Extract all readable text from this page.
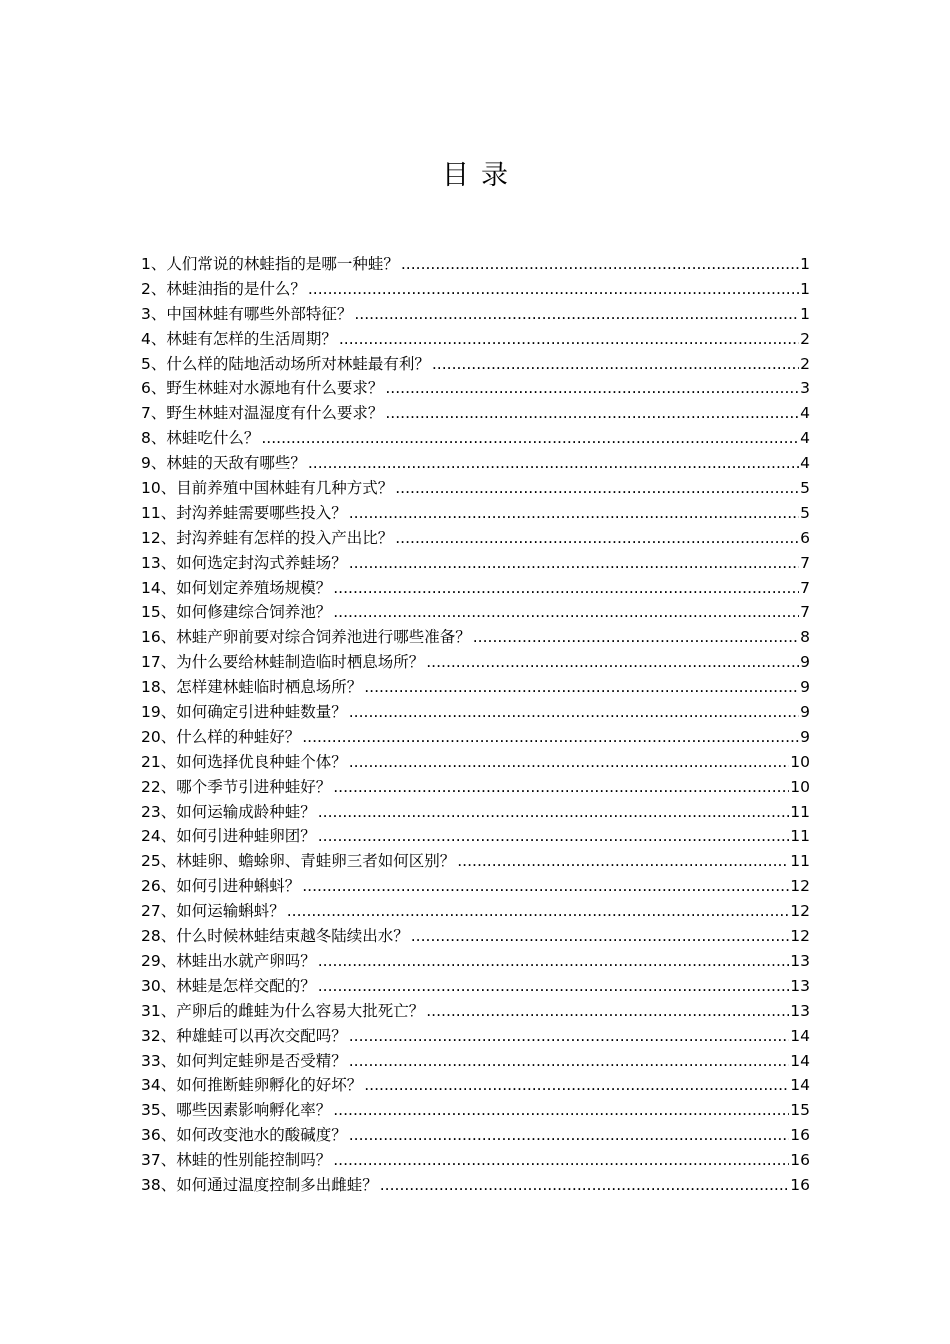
目录
1、人们常说的林蛙指的是哪一种蛙？ .....	1
2、林蛙油指的是什么？ .....	1
3、中国林蛙有哪些外部特征？ .....	1
4、林蛙有怎样的生活周期？ .....	2
5、什么样的陆地活动场所对林蛙最有利？ .....	2
6、野生林蛙对水源地有什么要求？ .....	3
7、野生林蛙对温湿度有什么要求？ .....	4
8、林蛙吃什么？ .....	4
9、林蛙的天敌有哪些？ .....	4
10、目前养殖中国林蛙有几种方式？ .....	5
11、封沟养蛙需要哪些投入？ .....	5
12、封沟养蛙有怎样的投入产出比？ .....	6
13、如何选定封沟式养蛙场？ .....	7
14、如何划定养殖场规模？ .....	7
15、如何修建综合饲养池？ .....	7
16、林蛙产卵前要对综合饲养池进行哪些准备？ .....	8
17、为什么要给林蛙制造临时栖息场所？ .....	9
18、怎样建林蛙临时栖息场所？ .....	9
19、如何确定引进种蛙数量？ .....	9
20、什么样的种蛙好？ .....	9
21、如何选择优良种蛙个体？ .....	10
22、哪个季节引进种蛙好？ .....	10
23、如何运输成龄种蛙？ .....	11
24、如何引进种蛙卵团？ .....	11
25、林蛙卵、蟾蜍卵、青蛙卵三者如何区别？ .....	11
26、如何引进种蝌蚪？ .....	12
27、如何运输蝌蚪？ .....	12
28、什么时候林蛙结束越冬陆续出水？ .....	12
29、林蛙出水就产卵吗？ .....	13
30、林蛙是怎样交配的？ .....	13
31、产卵后的雌蛙为什么容易大批死亡？ .....	13
32、种雄蛙可以再次交配吗？ .....	14
33、如何判定蛙卵是否受精？ .....	14
34、如何推断蛙卵孵化的好坏？ .....	14
35、哪些因素影响孵化率？ .....	15
36、如何改变池水的酸碱度？ .....	16
37、林蛙的性别能控制吗？ .....	16
38、如何通过温度控制多出雌蛙？ .....	16
